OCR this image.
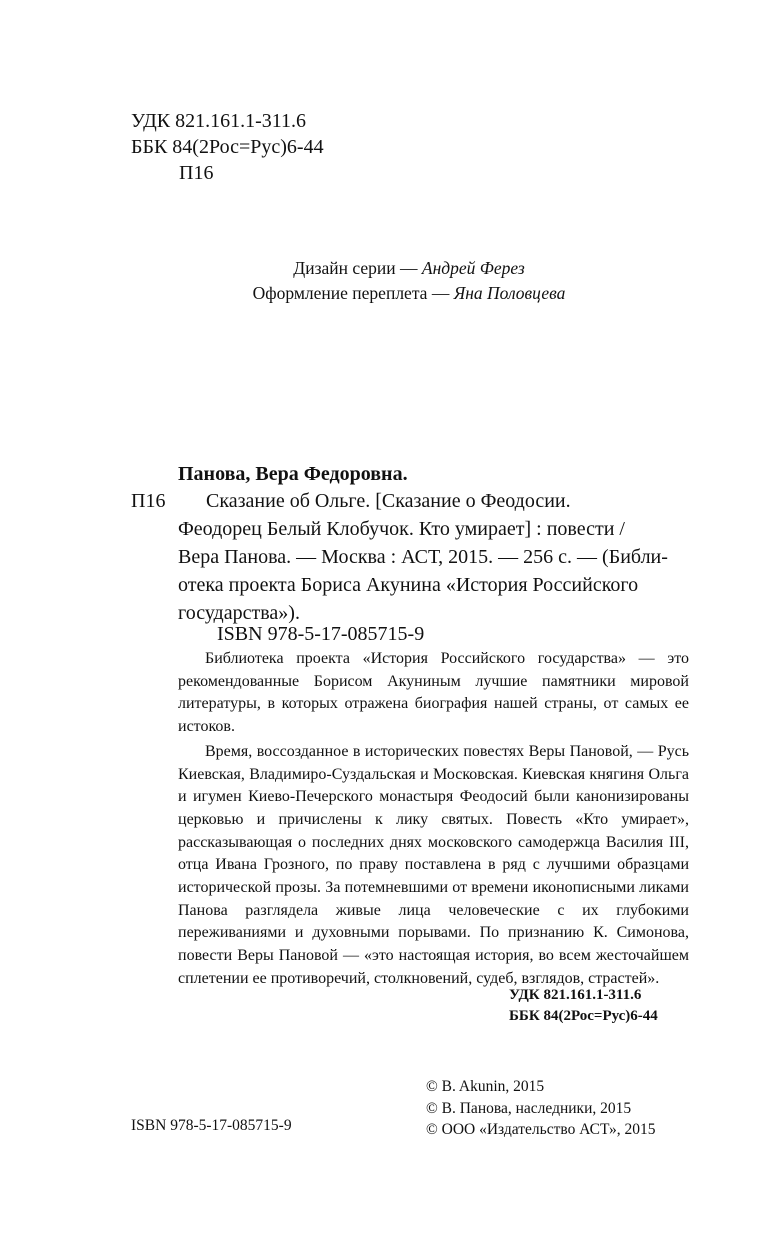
УДК 821.161.1-311.6
ББК 84(2Рос=Рус)6-44
П16
Дизайн серии — Андрей Ферез
Оформление переплета — Яна Половцева
Панова, Вера Федоровна.
П16	Сказание об Ольге. [Сказание о Феодосии.
Феодорец Белый Клобучок. Кто умирает] : повести /
Вера Панова. — Москва : АСТ, 2015. — 256 с. — (Библи-
отека проекта Бориса Акунина «История Российского
государства»).
ISBN 978-5-17-085715-9

Библиотека проекта «История Российского государства» — это рекомендованные Борисом Акуниным лучшие памятники мировой литературы, в которых отражена биография нашей страны, от самых ее истоков.

Время, воссозданное в исторических повестях Веры Пановой, — Русь Киевская, Владимиро-Суздальская и Московская. Киевская княгиня Ольга и игумен Киево-Печерского монастыря Феодосий были канонизированы церковью и причислены к лику святых. Повесть «Кто умирает», рассказывающая о последних днях московского самодержца Василия III, отца Ивана Грозного, по праву поставлена в ряд с лучшими образцами исторической прозы. За потемневшими от времени иконописными ликами Панова разглядела живые лица человеческие с их глубокими переживаниями и духовными порывами. По признанию К. Симонова, повести Веры Пановой — «это настоящая история, во всем жесточайшем сплетении ее противоречий, столкновений, судеб, взглядов, страстей».

УДК 821.161.1-311.6
ББК 84(2Рос=Рус)6-44
© B. Akunin, 2015
© В. Панова, наследники, 2015
© ООО «Издательство АСТ», 2015
ISBN 978-5-17-085715-9
